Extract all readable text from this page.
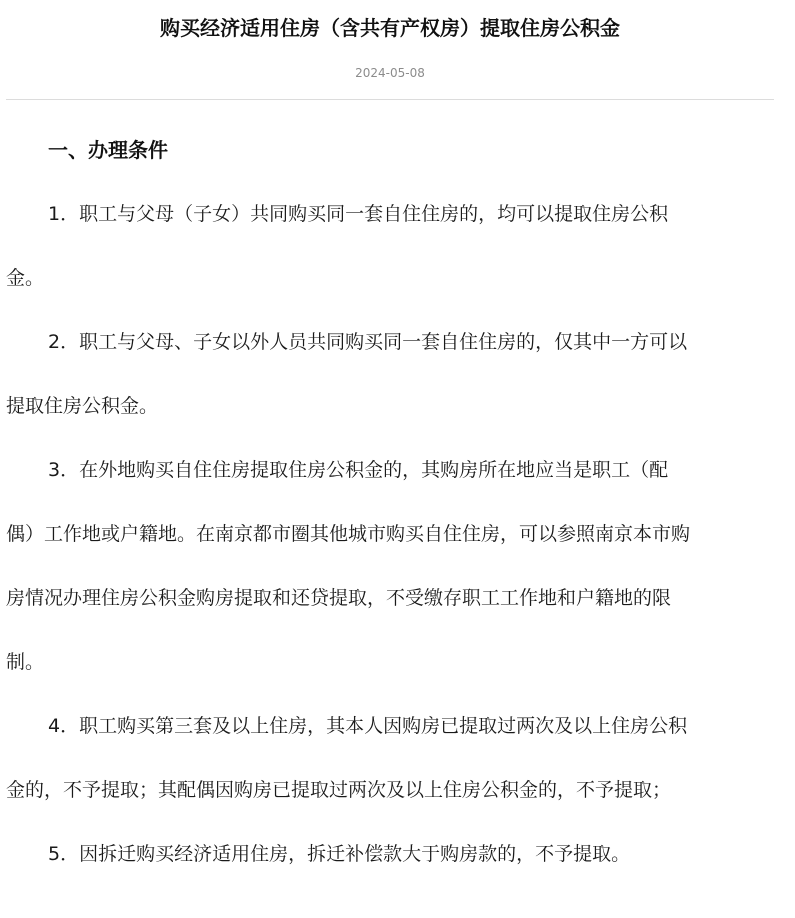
购买经济适用住房（含共有产权房）提取住房公积金
2024-05-08
一、办理条件
1．职工与父母（子女）共同购买同一套自住住房的，均可以提取住房公积
金。
2．职工与父母、子女以外人员共同购买同一套自住住房的，仅其中一方可以
提取住房公积金。
3．在外地购买自住住房提取住房公积金的，其购房所在地应当是职工（配
偶）工作地或户籍地。在南京都市圈其他城市购买自住住房，可以参照南京本市购
房情况办理住房公积金购房提取和还贷提取，不受缴存职工工作地和户籍地的限
制。
4．职工购买第三套及以上住房，其本人因购房已提取过两次及以上住房公积
金的，不予提取；其配偶因购房已提取过两次及以上住房公积金的，不予提取；
5．因拆迁购买经济适用住房，拆迁补偿款大于购房款的，不予提取。
